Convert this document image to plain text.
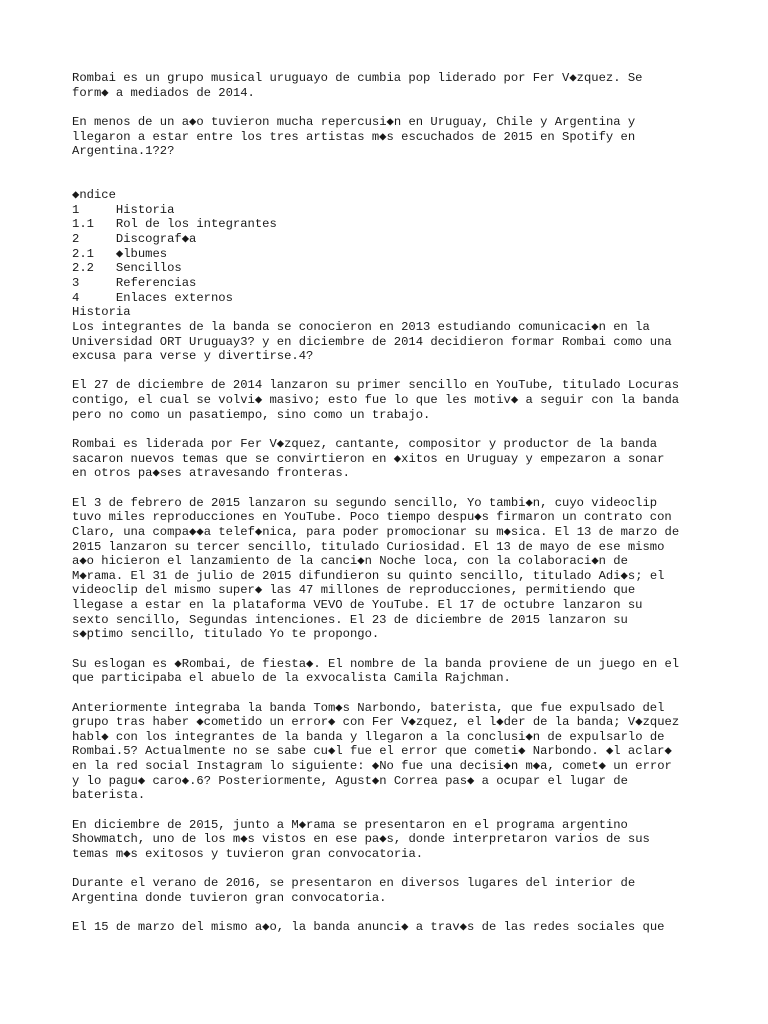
Rombai es un grupo musical uruguayo de cumbia pop liderado por Fer V◆zquez. Se
form◆ a mediados de 2014.
En menos de un a◆o tuvieron mucha repercusi◆n en Uruguay, Chile y Argentina y
llegaron a estar entre los tres artistas m◆s escuchados de 2015 en Spotify en
Argentina.1?2?
◆ndice
1     Historia
1.1   Rol de los integrantes
2     Discograf◆a
2.1   ◆lbumes
2.2   Sencillos
3     Referencias
4     Enlaces externos
Historia
Los integrantes de la banda se conocieron en 2013 estudiando comunicaci◆n en la
Universidad ORT Uruguay3? y en diciembre de 2014 decidieron formar Rombai como una
excusa para verse y divertirse.4?
El 27 de diciembre de 2014 lanzaron su primer sencillo en YouTube, titulado Locuras
contigo, el cual se volvi◆ masivo; esto fue lo que les motiv◆ a seguir con la banda
pero no como un pasatiempo, sino como un trabajo.
Rombai es liderada por Fer V◆zquez, cantante, compositor y productor de la banda
sacaron nuevos temas que se convirtieron en ◆xitos en Uruguay y empezaron a sonar
en otros pa◆ses atravesando fronteras.
El 3 de febrero de 2015 lanzaron su segundo sencillo, Yo tambi◆n, cuyo videoclip
tuvo miles reproducciones en YouTube. Poco tiempo despu◆s firmaron un contrato con
Claro, una compa◆◆a telef◆nica, para poder promocionar su m◆sica. El 13 de marzo de
2015 lanzaron su tercer sencillo, titulado Curiosidad. El 13 de mayo de ese mismo
a◆o hicieron el lanzamiento de la canci◆n Noche loca, con la colaboraci◆n de
M◆rama. El 31 de julio de 2015 difundieron su quinto sencillo, titulado Adi◆s; el
videoclip del mismo super◆ las 47 millones de reproducciones, permitiendo que
llegase a estar en la plataforma VEVO de YouTube. El 17 de octubre lanzaron su
sexto sencillo, Segundas intenciones. El 23 de diciembre de 2015 lanzaron su
s◆ptimo sencillo, titulado Yo te propongo.
Su eslogan es ◆Rombai, de fiesta◆. El nombre de la banda proviene de un juego en el
que participaba el abuelo de la exvocalista Camila Rajchman.
Anteriormente integraba la banda Tom◆s Narbondo, baterista, que fue expulsado del
grupo tras haber ◆cometido un error◆ con Fer V◆zquez, el l◆der de la banda; V◆zquez
habl◆ con los integrantes de la banda y llegaron a la conclusi◆n de expulsarlo de
Rombai.5? Actualmente no se sabe cu◆l fue el error que cometi◆ Narbondo. ◆l aclar◆
en la red social Instagram lo siguiente: ◆No fue una decisi◆n m◆a, comet◆ un error
y lo pagu◆ caro◆.6? Posteriormente, Agust◆n Correa pas◆ a ocupar el lugar de
baterista.
En diciembre de 2015, junto a M◆rama se presentaron en el programa argentino
Showmatch, uno de los m◆s vistos en ese pa◆s, donde interpretaron varios de sus
temas m◆s exitosos y tuvieron gran convocatoria.
Durante el verano de 2016, se presentaron en diversos lugares del interior de
Argentina donde tuvieron gran convocatoria.
El 15 de marzo del mismo a◆o, la banda anunci◆ a trav◆s de las redes sociales que
